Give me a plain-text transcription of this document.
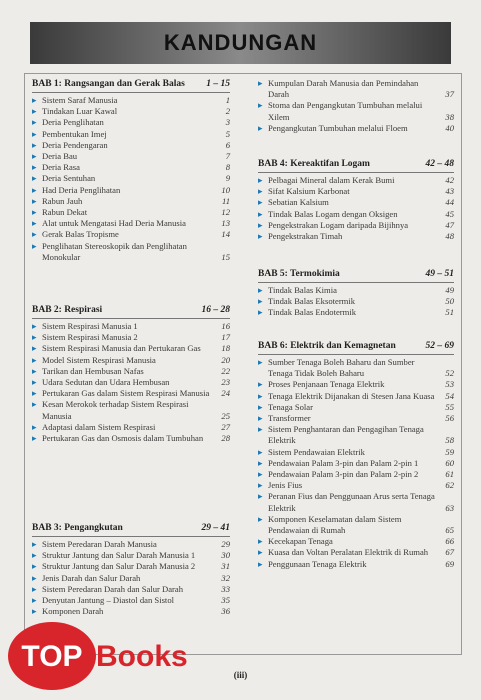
KANDUNGAN
BAB 1: Rangsangan dan Gerak Balas 1 – 15
▸ Sistem Saraf Manusia	1
▸ Tindakan Luar Kawal	2
▸ Deria Penglihatan	3
▸ Pembentukan Imej	5
▸ Deria Pendengaran	6
▸ Deria Bau	7
▸ Deria Rasa	8
▸ Deria Sentuhan	9
▸ Had Deria Penglihatan	10
▸ Rabun Jauh	11
▸ Rabun Dekat	12
▸ Alat untuk Mengatasi Had Deria Manusia	13
▸ Gerak Balas Tropisme	14
▸ Penglihatan Stereoskopik dan Penglihatan Monokular	15
BAB 2: Respirasi	16 – 28
▸ Sistem Respirasi Manusia 1	16
▸ Sistem Respirasi Manusia 2	17
▸ Sistem Respirasi Manusia dan Pertukaran Gas	18
▸ Model Sistem Respirasi Manusia	20
▸ Tarikan dan Hembusan Nafas	22
▸ Udara Sedutan dan Udara Hembusan	23
▸ Pertukaran Gas dalam Sistem Respirasi Manusia	24
▸ Kesan Merokok terhadap Sistem Respirasi Manusia	25
▸ Adaptasi dalam Sistem Respirasi	27
▸ Pertukaran Gas dan Osmosis dalam Tumbuhan	28
BAB 3: Pengangkutan	29 – 41
▸ Sistem Peredaran Darah Manusia	29
▸ Struktur Jantung dan Salur Darah Manusia 1	30
▸ Struktur Jantung dan Salur Darah Manusia 2	31
▸ Jenis Darah dan Salur Darah	32
▸ Sistem Peredaran Darah dan Salur Darah	33
▸ Denyutan Jantung – Diastol dan Sistol	35
▸ Komponen Darah	36
▸ Kumpulan Darah Manusia dan Pemindahan Darah	37
▸ Stoma dan Pengangkutan Tumbuhan melalui Xilem	38
▸ Pengangkutan Tumbuhan melalui Floem	40
BAB 4: Kereaktifan Logam	42 – 48
▸ Pelbagai Mineral dalam Kerak Bumi	42
▸ Sifat Kalsium Karbonat	43
▸ Sebatian Kalsium	44
▸ Tindak Balas Logam dengan Oksigen	45
▸ Pengekstrakan Logam daripada Bijihnya	47
▸ Pengekstrakan Timah	48
BAB 5: Termokimia	49 – 51
▸ Tindak Balas Kimia	49
▸ Tindak Balas Eksotermik	50
▸ Tindak Balas Endotermik	51
BAB 6: Elektrik dan Kemagnetan	52 – 69
▸ Sumber Tenaga Boleh Baharu dan Sumber Tenaga Tidak Boleh Baharu	52
▸ Proses Penjanaan Tenaga Elektrik	53
▸ Tenaga Elektrik Dijanakan di Stesen Jana Kuasa	54
▸ Tenaga Solar	55
▸ Transformer	56
▸ Sistem Penghantaran dan Pengagihan Tenaga Elektrik	58
▸ Sistem Pendawaian Elektrik	59
▸ Pendawaian Palam 3-pin dan Palam 2-pin 1	60
▸ Pendawaian Palam 3-pin dan Palam 2-pin 2	61
▸ Jenis Fius	62
▸ Peranan Fius dan Penggunaan Arus serta Tenaga Elektrik	63
▸ Komponen Keselamatan dalam Sistem Pendawaian di Rumah	65
▸ Kecekapan Tenaga	66
▸ Kuasa dan Voltan Peralatan Elektrik di Rumah	67
▸ Penggunaan Tenaga Elektrik	69
TOP Books
(iii)
